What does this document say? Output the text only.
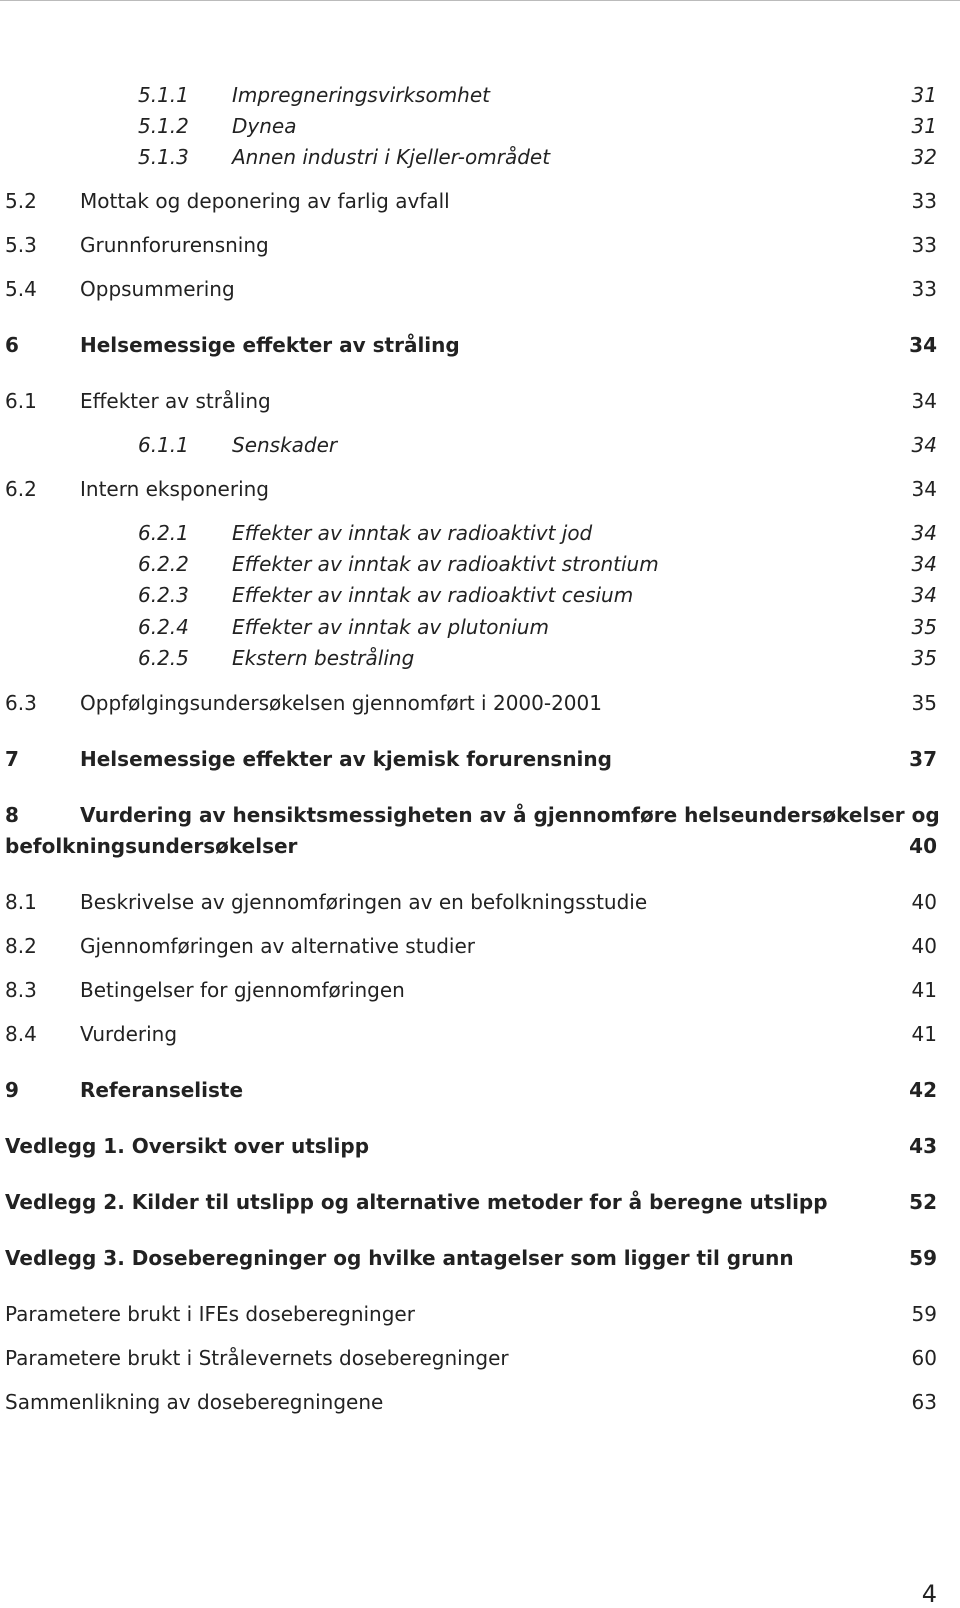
5.1.1 Impregneringsvirksomhet	31
5.1.2 Dynea	31
5.1.3 Annen industri i Kjeller-området	32
5.2 Mottak og deponering av farlig avfall	33
5.3 Grunnforurensning	33
5.4 Oppsummering	33
6	Helsemessige effekter av stråling	34
6.1 Effekter av stråling	34
6.1.1 Senskader	34
6.2 Intern eksponering	34
6.2.1 Effekter av inntak av radioaktivt jod	34
6.2.2 Effekter av inntak av radioaktivt strontium	34
6.2.3 Effekter av inntak av radioaktivt cesium	34
6.2.4 Effekter av inntak av plutonium	35
6.2.5 Ekstern bestråling	35
6.3 Oppfølgingsundersøkelsen gjennomført i 2000-2001	35
7	Helsemessige effekter av kjemisk forurensning	37
8	Vurdering av hensiktsmessigheten av å gjennomføre helseundersøkelser og
befolkningsundersøkelser	40
8.1 Beskrivelse av gjennomføringen av en befolkningsstudie	40
8.2 Gjennomføringen av alternative studier	40
8.3 Betingelser for gjennomføringen	41
8.4 Vurdering	41
9	Referanseliste	42
Vedlegg 1. Oversikt over utslipp	43
Vedlegg 2. Kilder til utslipp og alternative metoder for å beregne utslipp	52
Vedlegg 3. Doseberegninger og hvilke antagelser som ligger til grunn	59
Parametere brukt i IFEs doseberegninger	59
Parametere brukt i Strålevernets doseberegninger	60
Sammenlikning av doseberegningene	63
4
